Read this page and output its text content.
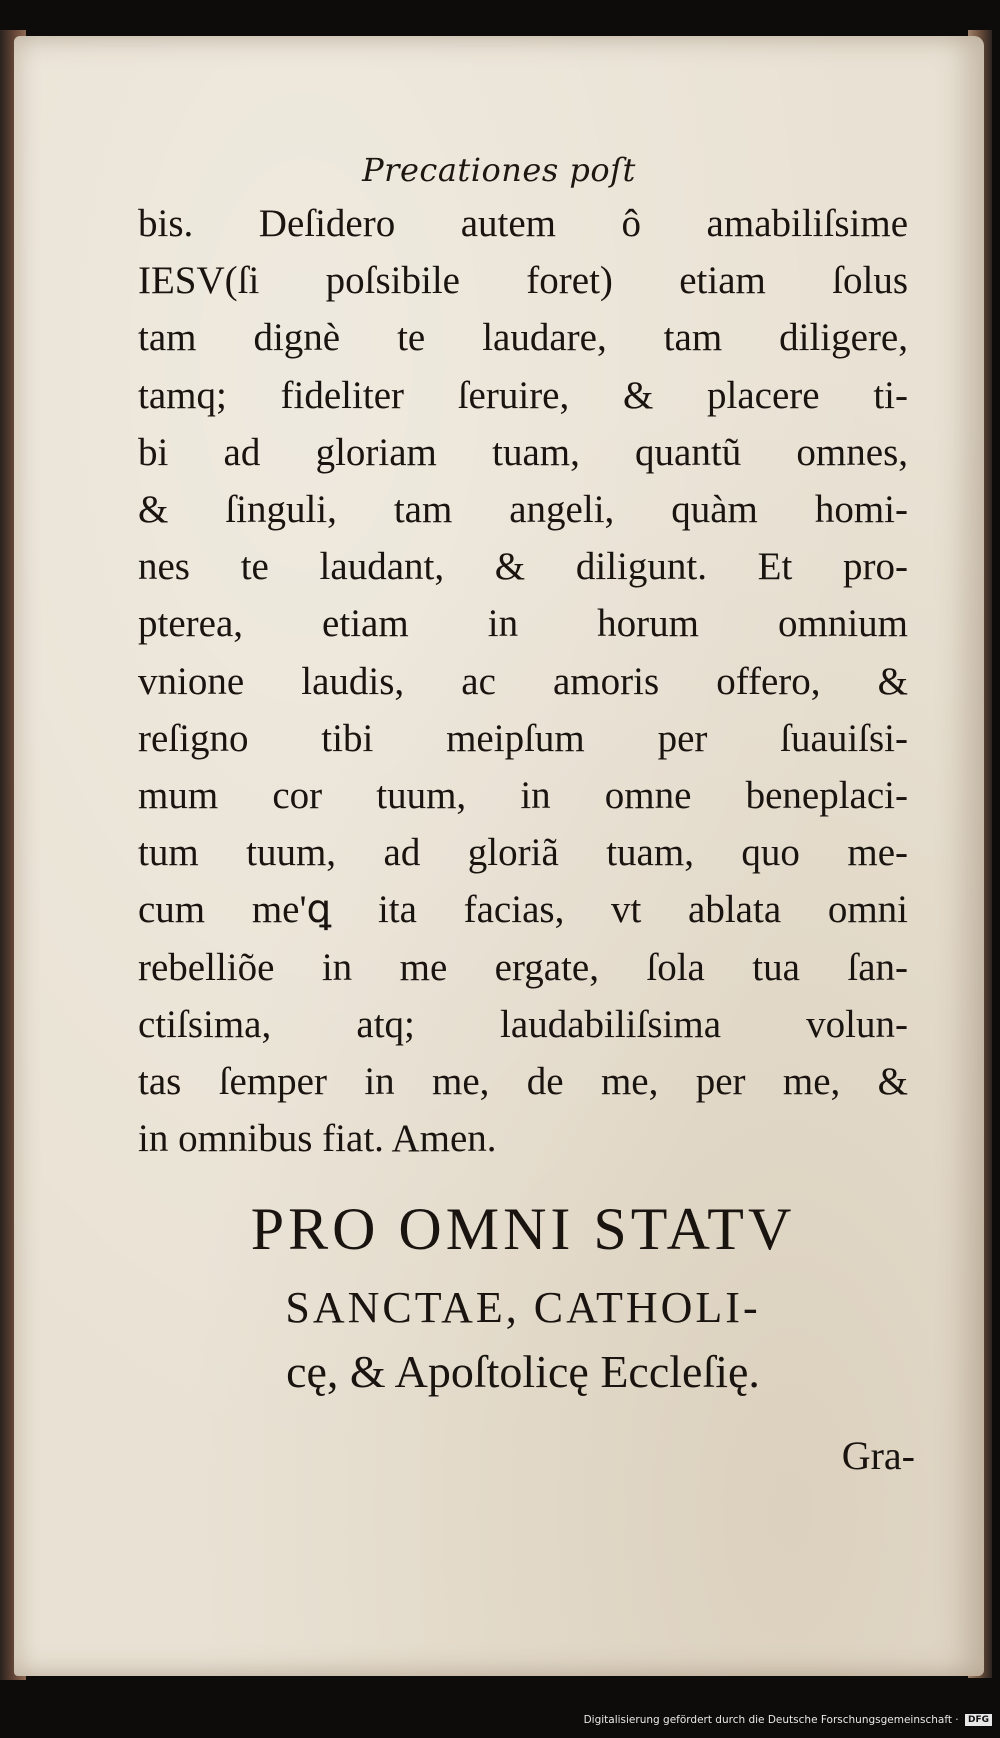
Precationes poſt
bis. Deſidero autem ô amabiliſsime
IESV(ſi poſsibile foret) etiam ſolus
tam dignè te laudare, tam diligere,
tamq; fideliter ſeruire, & placere ti-
bi ad gloriam tuam, quantũ omnes,
& ſinguli, tam angeli, quàm homi-
nes te laudant, & diligunt. Et pro-
pterea, etiam in horum omnium
vnione laudis, ac amoris offero, &
reſigno tibi meipſum per ſuauiſsi-
mum cor tuum, in omne beneplaci-
tum tuum, ad gloriã tuam, quo me-
cum me'ꝗ ita facias, vt ablata omni
rebelliõe in me ergate, ſola tua ſan-
ctiſsima, atq; laudabiliſsima volun-
tas ſemper in me, de me, per me, &
in omnibus fiat. Amen.
PRO OMNI STATV
SANCTAE, CATHOLI-
cę, & Apoſtolicę Eccleſię.
Gra-
Digitalisierung gefördert durch die Deutsche Forschungsgemeinschaft · DFG
